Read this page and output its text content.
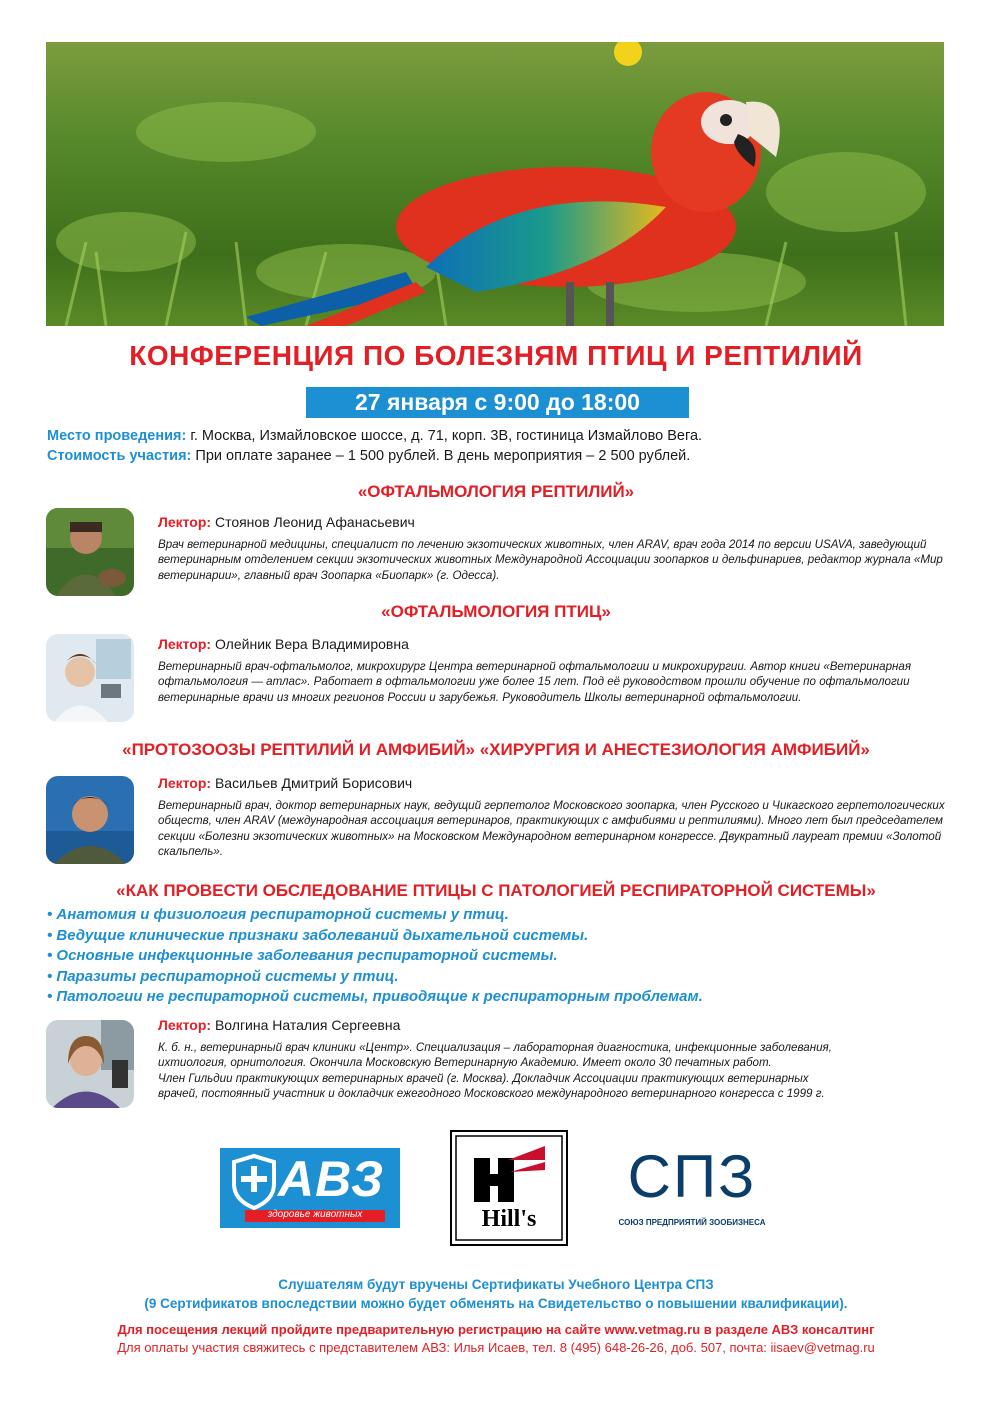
КОНФЕРЕНЦИЯ ПО БОЛЕЗНЯМ ПТИЦ И РЕПТИЛИЙ
27 января с 9:00 до 18:00
Место проведения: г. Москва, Измайловское шоссе, д. 71, корп. 3В, гостиница Измайлово Вега.
Стоимость участия: При оплате заранее – 1 500 рублей. В день мероприятия – 2 500 рублей.
«ОФТАЛЬМОЛОГИЯ РЕПТИЛИЙ»
Лектор: Стоянов Леонид Афанасьевич
Врач ветеринарной медицины, специалист по лечению экзотических животных, член ARAV, врач года 2014 по версии USAVA, заведующий ветеринарным отделением секции экзотических животных Международной Ассоциации зоопарков и дельфинариев, редактор журнала «Мир ветеринарии», главный врач Зоопарка «Биопарк» (г. Одесса).
«ОФТАЛЬМОЛОГИЯ ПТИЦ»
Лектор: Олейник Вера Владимировна
Ветеринарный врач-офтальмолог, микрохирург Центра ветеринарной офтальмологии и микрохирургии. Автор книги «Ветеринарная офтальмология — атлас». Работает в офтальмологии уже более 15 лет. Под её руководством прошли обучение по офтальмологии ветеринарные врачи из многих регионов России и зарубежья. Руководитель Школы ветеринарной офтальмологии.
«ПРОТОЗООЗЫ РЕПТИЛИЙ И АМФИБИЙ» «ХИРУРГИЯ И АНЕСТЕЗИОЛОГИЯ АМФИБИЙ»
Лектор: Васильев Дмитрий Борисович
Ветеринарный врач, доктор ветеринарных наук, ведущий герпетолог Московского зоопарка, член Русского и Чикагского герпетологических обществ, член ARAV (международная ассоциация ветеринаров, практикующих с амфибиями и рептилиями). Много лет был председателем секции «Болезни экзотических животных» на Московском Международном ветеринарном конгрессе. Двукратный лауреат премии «Золотой скальпель».
«КАК ПРОВЕСТИ ОБСЛЕДОВАНИЕ ПТИЦЫ С ПАТОЛОГИЕЙ РЕСПИРАТОРНОЙ СИСТЕМЫ»
• Анатомия и физиология респираторной системы у птиц.
• Ведущие клинические признаки заболеваний дыхательной системы.
• Основные инфекционные заболевания респираторной системы.
• Паразиты респираторной системы у птиц.
• Патологии не респираторной системы, приводящие к респираторным проблемам.
Лектор: Волгина Наталия Сергеевна
К. б. н., ветеринарный врач клиники «Центр». Специализация – лабораторная диагностика, инфекционные заболевания,
ихтиология, орнитология. Окончила Московскую Ветеринарную Академию. Имеет около 30 печатных работ.
Член Гильдии практикующих ветеринарных врачей (г. Москва). Докладчик Ассоциации практикующих ветеринарных
врачей, постоянный участник и докладчик ежегодного Московского международного ветеринарного конгресса с 1999 г.
АВЗ
здоровье животных	Hill's
СПЗ
СОЮЗ ПРЕДПРИЯТИЙ ЗООБИЗНЕСА
Слушателям будут вручены Сертификаты Учебного Центра СПЗ
(9 Сертификатов впоследствии можно будет обменять на Свидетельство о повышении квалификации).
Для посещения лекций пройдите предварительную регистрацию на сайте www.vetmag.ru в разделе АВЗ консалтинг
Для оплаты участия свяжитесь с представителем АВЗ: Илья Исаев, тел. 8 (495) 648-26-26, доб. 507, почта: iisaev@vetmag.ru
